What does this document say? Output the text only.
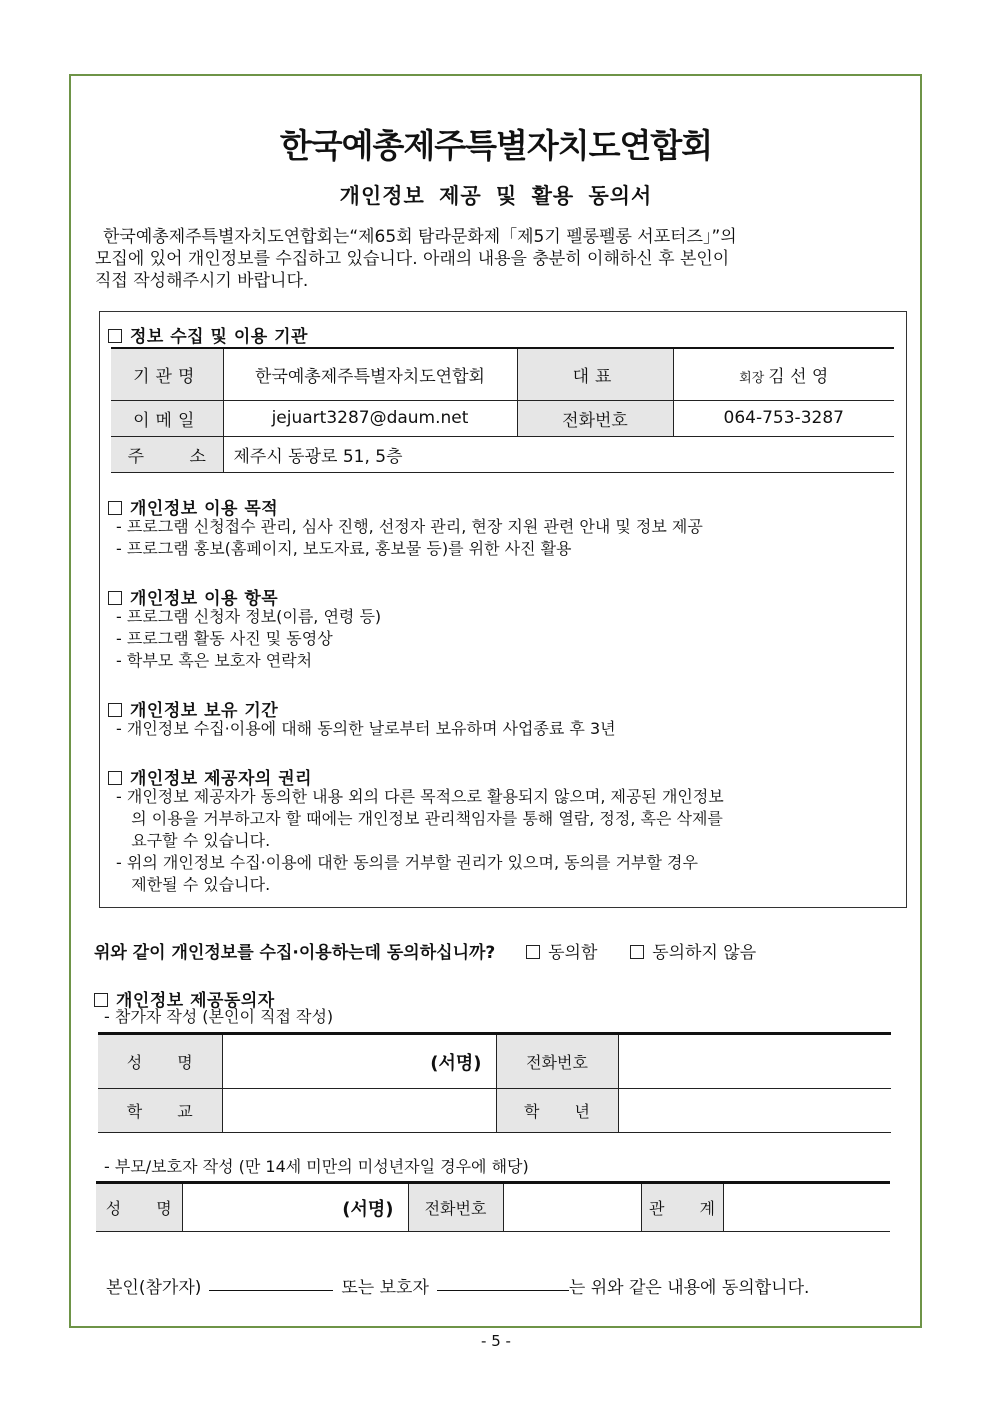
한국예총제주특별자치도연합회
개인정보 제공 및 활용 동의서
한국예총제주특별자치도연합회는“제65회 탐라문화제「제5기 펠롱펠롱 서포터즈」”의
모집에 있어 개인정보를 수집하고 있습니다. 아래의 내용을 충분히 이해하신 후 본인이
직접 작성해주시기 바랍니다.
정보 수집 및 이용 기관
기관명	한국예총제주특별자치도연합회	대표	회장 김 선 영
이메일	jejuart3287@daum.net	전화번호	064-753-3287
주 소	제주시 동광로 51, 5층		
개인정보 이용 목적
- 프로그램 신청접수 관리, 심사 진행, 선정자 관리, 현장 지원 관련 안내 및 정보 제공
- 프로그램 홍보(홈페이지, 보도자료, 홍보물 등)를 위한 사진 활용
개인정보 이용 항목
- 프로그램 신청자 정보(이름, 연령 등)
- 프로그램 활동 사진 및 동영상
- 학부모 혹은 보호자 연락처
개인정보 보유 기간
- 개인정보 수집·이용에 대해 동의한 날로부터 보유하며 사업종료 후 3년
개인정보 제공자의 권리
- 개인정보 제공자가 동의한 내용 외의 다른 목적으로 활용되지 않으며, 제공된 개인정보
의 이용을 거부하고자 할 때에는 개인정보 관리책임자를 통해 열람, 정정, 혹은 삭제를
요구할 수 있습니다.
- 위의 개인정보 수집·이용에 대한 동의를 거부할 권리가 있으며, 동의를 거부할 경우
제한될 수 있습니다.
위와 같이 개인정보를 수집·이용하는데 동의하십니까?	동의함	동의하지 않음
개인정보 제공동의자
- 참가자 작성 (본인이 직접 작성)
성 명	(서명)	전화번호	
학 교		학 년	
- 부모/보호자 작성 (만 14세 미만의 미성년자일 경우에 해당)
성 명	(서명)	전화번호		관 계	
본인(참가자)	또는 보호자	는 위와 같은 내용에 동의합니다.
- 5 -
